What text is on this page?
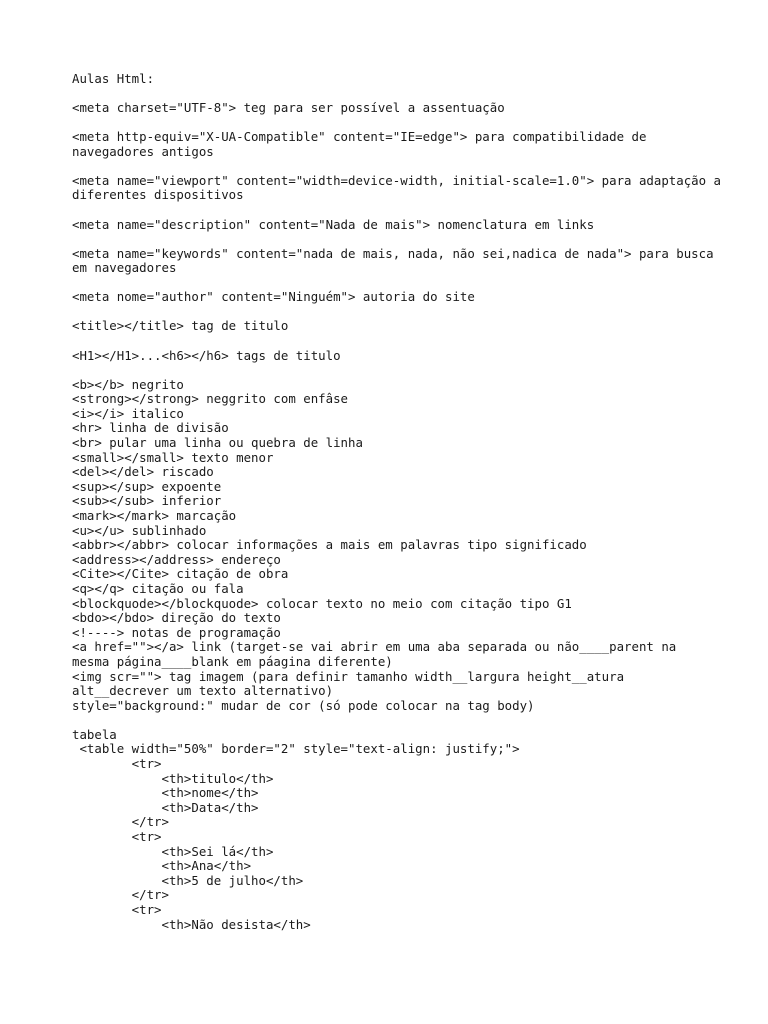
Aulas Html:
<meta charset="UTF-8"> teg para ser possível a assentuação
<meta http-equiv="X-UA-Compatible" content="IE=edge"> para compatibilidade de navegadores antigos
<meta name="viewport" content="width=device-width, initial-scale=1.0"> para adaptação a diferentes dispositivos
<meta name="description" content="Nada de mais"> nomenclatura em links
<meta name="keywords" content="nada de mais, nada, não sei,nadica de nada"> para busca em navegadores
<meta nome="author" content="Ninguém"> autoria do site
<title></title> tag de titulo
<H1></H1>...<h6></h6> tags de titulo
<b></b> negrito
<strong></strong> neggrito com enfâse
<i></i> italico
<hr> linha de divisão
<br> pular uma linha ou quebra de linha
<small></small> texto menor
<del></del> riscado
<sup></sup> expoente
<sub></sub> inferior
<mark></mark> marcação
<u></u> sublinhado
<abbr></abbr> colocar informações a mais em palavras tipo significado
<address></address> endereço
<Cite></Cite> citação de obra
<q></q> citação ou fala
<blockquode></blockquode> colocar texto no meio com citação tipo G1
<bdo></bdo> direção do texto
<!----> notas de programação
<a href=""></a> link (target-se vai abrir em uma aba separada ou não____parent na
mesma página____blank em páagina diferente)
<img scr=""> tag imagem (para definir tamanho width__largura height__atura
alt__decrever um texto alternativo)
style="background:" mudar de cor (só pode colocar na tag body)
tabela
<table width="50%" border="2" style="text-align: justify;">
<tr>
<th>titulo</th>
<th>nome</th>
<th>Data</th>
</tr>
<tr>
<th>Sei lá</th>
<th>Ana</th>
<th>5 de julho</th>
</tr>
<tr>
<th>Não desista</th>
